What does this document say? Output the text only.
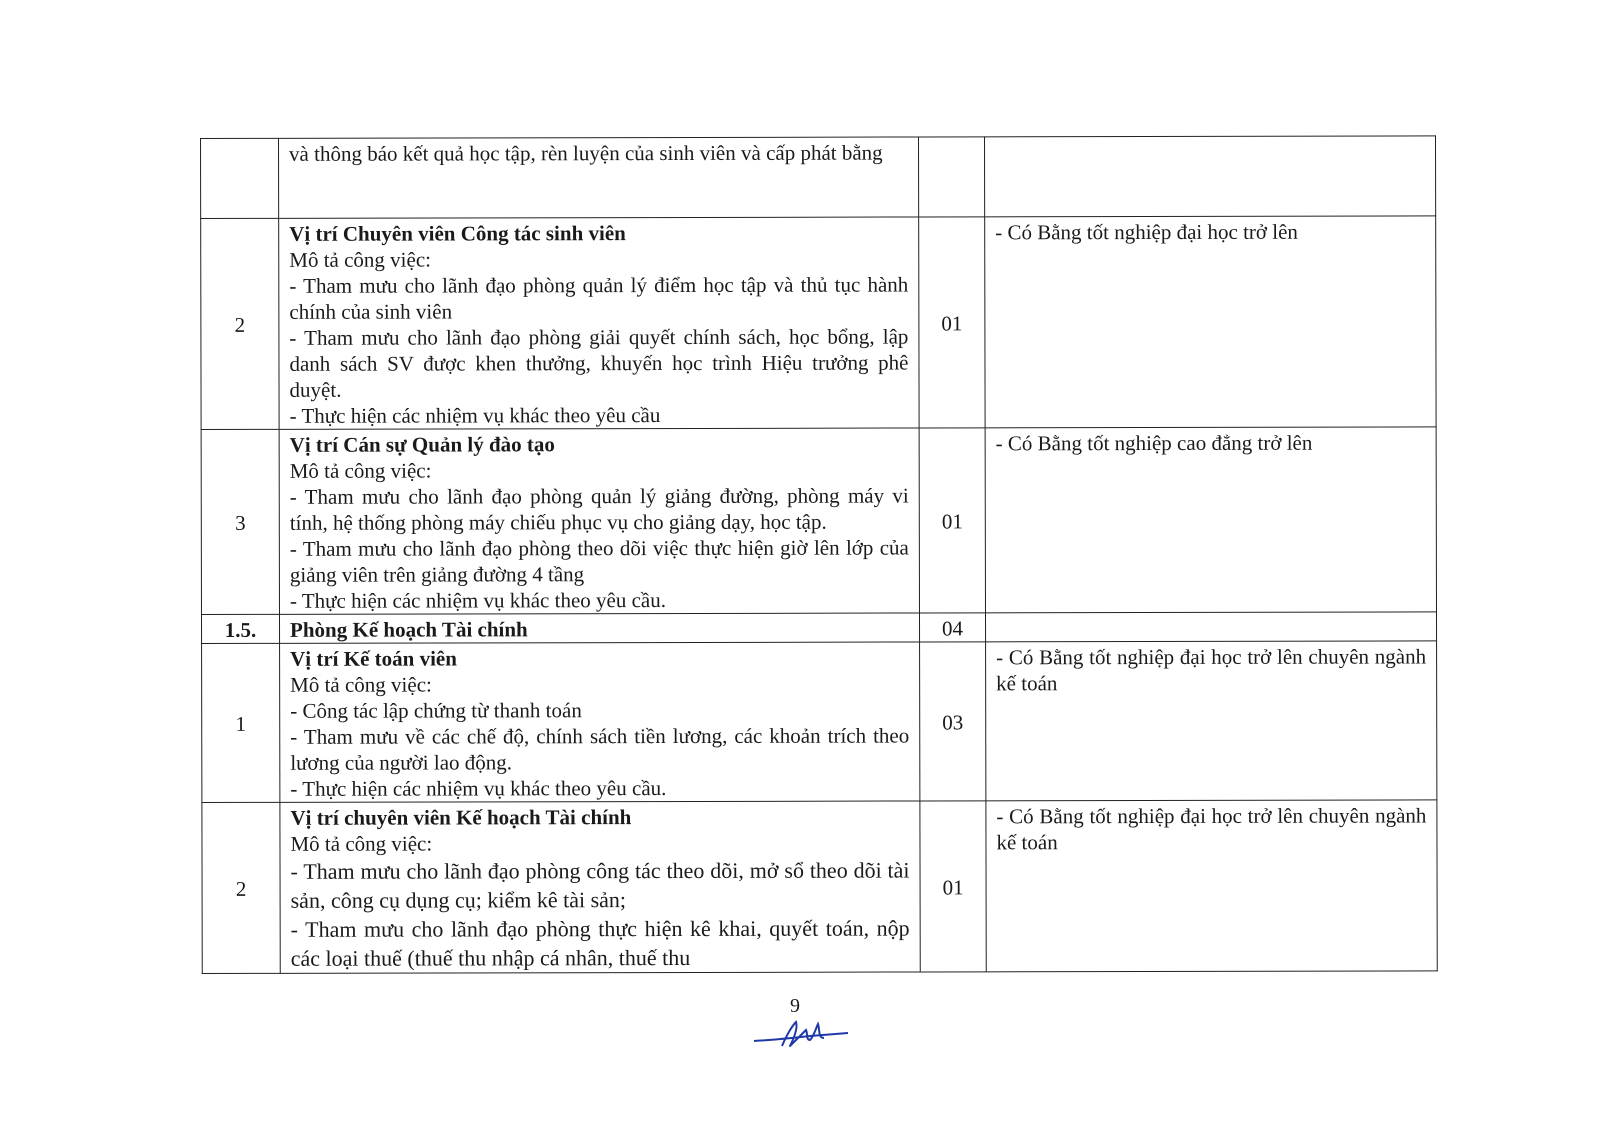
	và thông báo kết quả học tập, rèn luyện của sinh viên và cấp phát bằng		

2	Vị trí Chuyên viên Công tác sinh viên
Mô tả công việc:
- Tham mưu cho lãnh đạo phòng quản lý điểm học tập và thủ tục hành chính của sinh viên
- Tham mưu cho lãnh đạo phòng giải quyết chính sách, học bổng, lập danh sách SV được khen thưởng, khuyến học trình Hiệu trưởng phê duyệt.
- Thực hiện các nhiệm vụ khác theo yêu cầu	01	- Có Bằng tốt nghiệp đại học trở lên

3	Vị trí Cán sự Quản lý đào tạo
Mô tả công việc:
- Tham mưu cho lãnh đạo phòng quản lý giảng đường, phòng máy vi tính, hệ thống phòng máy chiếu phục vụ cho giảng dạy, học tập.
- Tham mưu cho lãnh đạo phòng theo dõi việc thực hiện giờ lên lớp của giảng viên trên giảng đường 4 tầng
- Thực hiện các nhiệm vụ khác theo yêu cầu.	01	- Có Bằng tốt nghiệp cao đẳng trở lên

1.5.	Phòng Kế hoạch Tài chính	04	
1	Vị trí Kế toán viên
Mô tả công việc:
- Công tác lập chứng từ thanh toán
- Tham mưu về các chế độ, chính sách tiền lương, các khoản trích theo lương của người lao động.
- Thực hiện các nhiệm vụ khác theo yêu cầu.	03	- Có Bằng tốt nghiệp đại học trở lên chuyên ngành kế toán

2	Vị trí chuyên viên Kế hoạch Tài chính
Mô tả công việc:
- Tham mưu cho lãnh đạo phòng công tác theo dõi, mở sổ theo dõi tài sản, công cụ dụng cụ; kiểm kê tài sản;
- Tham mưu cho lãnh đạo phòng thực hiện kê khai, quyết toán, nộp các loại thuế (thuế thu nhập cá nhân, thuế thu	01	- Có Bằng tốt nghiệp đại học trở lên chuyên ngành kế toán
9
